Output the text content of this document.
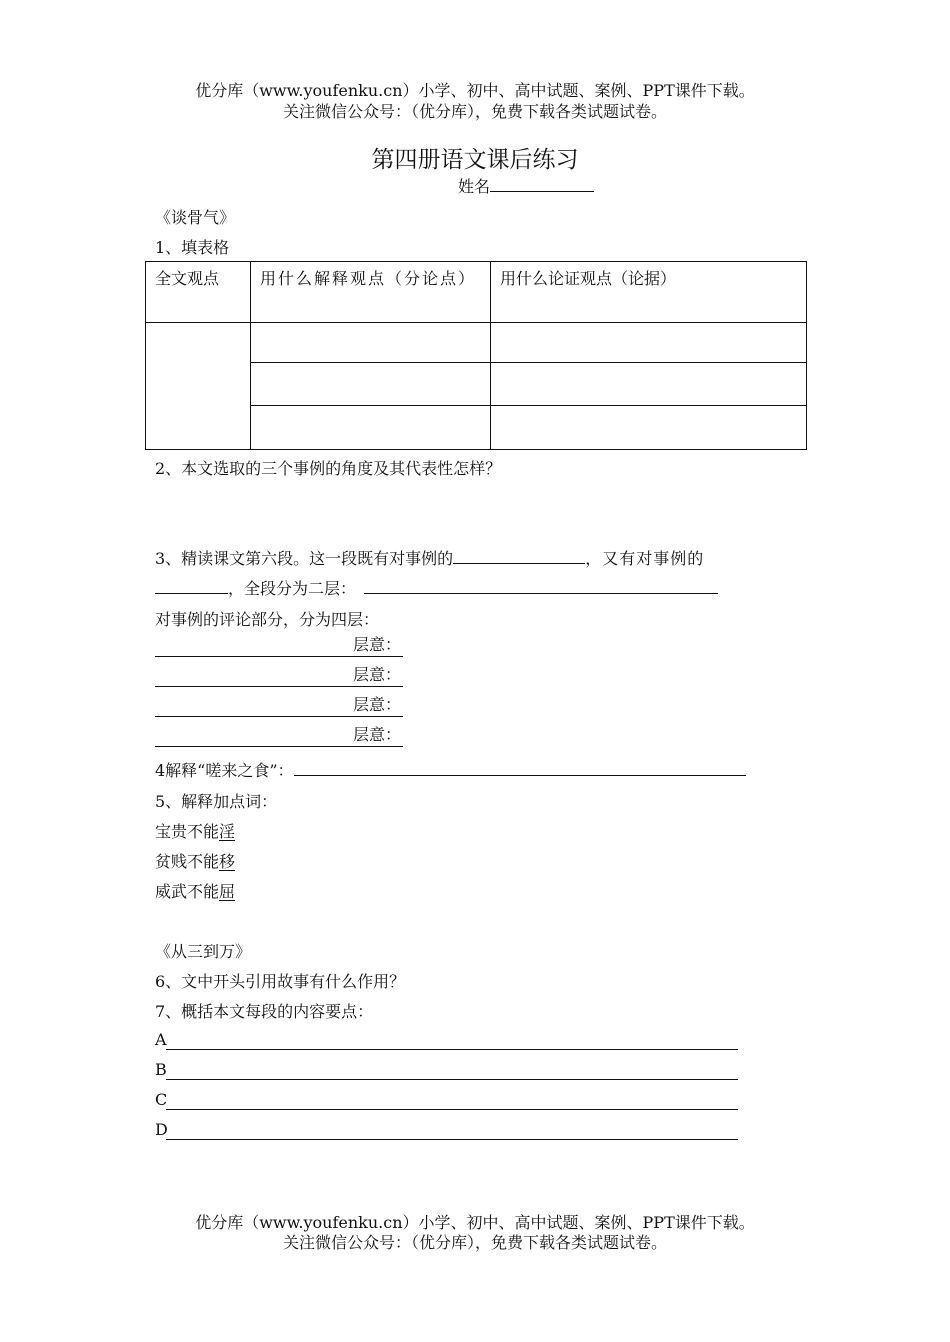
优分库（www.youfenku.cn）小学、初中、高中试题、案例、PPT课件下载。
关注微信公众号：（优分库），免费下载各类试题试卷。
第四册语文课后练习
姓名
《谈骨气》
1、填表格
全文观点	用什么解释观点（分论点）	用什么论证观点（论据）

2、本文选取的三个事例的角度及其代表性怎样？
3、精读课文第六段。这一段既有对事例的	，又有对事例的
，全段分为二层：
对事例的评论部分，分为四层：
层意：
层意：
层意：
层意：
4解释“嗟来之食”：
5、解释加点词：
宝贵不能淫
贫贱不能移
威武不能屈
《从三到万》
6、文中开头引用故事有什么作用？
7、概括本文每段的内容要点：
A
B
C
D
优分库（www.youfenku.cn）小学、初中、高中试题、案例、PPT课件下载。
关注微信公众号：（优分库），免费下载各类试题试卷。
